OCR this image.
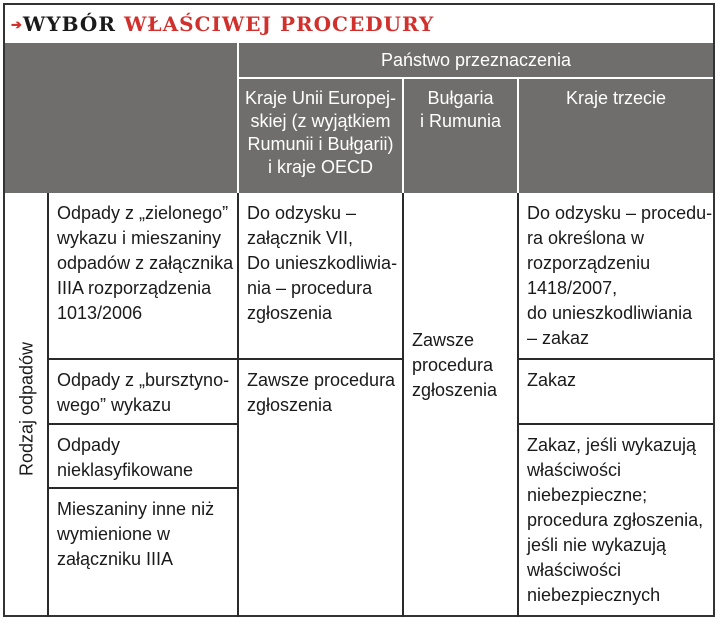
➔WYBÓR WŁAŚCIWEJ PROCEDURY
Państwo przeznaczenia
Kraje Unii Europej-
skiej (z wyjątkiem
Rumunii i Bułgarii)
i kraje OECD
Bułgaria
i Rumunia
Kraje trzecie
Rodzaj odpadów
Odpady z „zielonego”
wykazu i mieszaniny
odpadów z załącznika
IIIA rozporządzenia
1013/2006
Odpady z „bursztyno-
wego” wykazu
Odpady
nieklasyfikowane
Mieszaniny inne niż
wymienione w
załączniku IIIA
Do odzysku –
załącznik VII,
Do unieszkodliwia-
nia – procedura
zgłoszenia
Zawsze procedura
zgłoszenia
Zawsze
procedura
zgłoszenia
Do odzysku – procedu-
ra określona w
rozporządzeniu
1418/2007,
do unieszkodliwiania
– zakaz
Zakaz
Zakaz, jeśli wykazują
właściwości
niebezpieczne;
procedura zgłoszenia,
jeśli nie wykazują
właściwości
niebezpiecznych
